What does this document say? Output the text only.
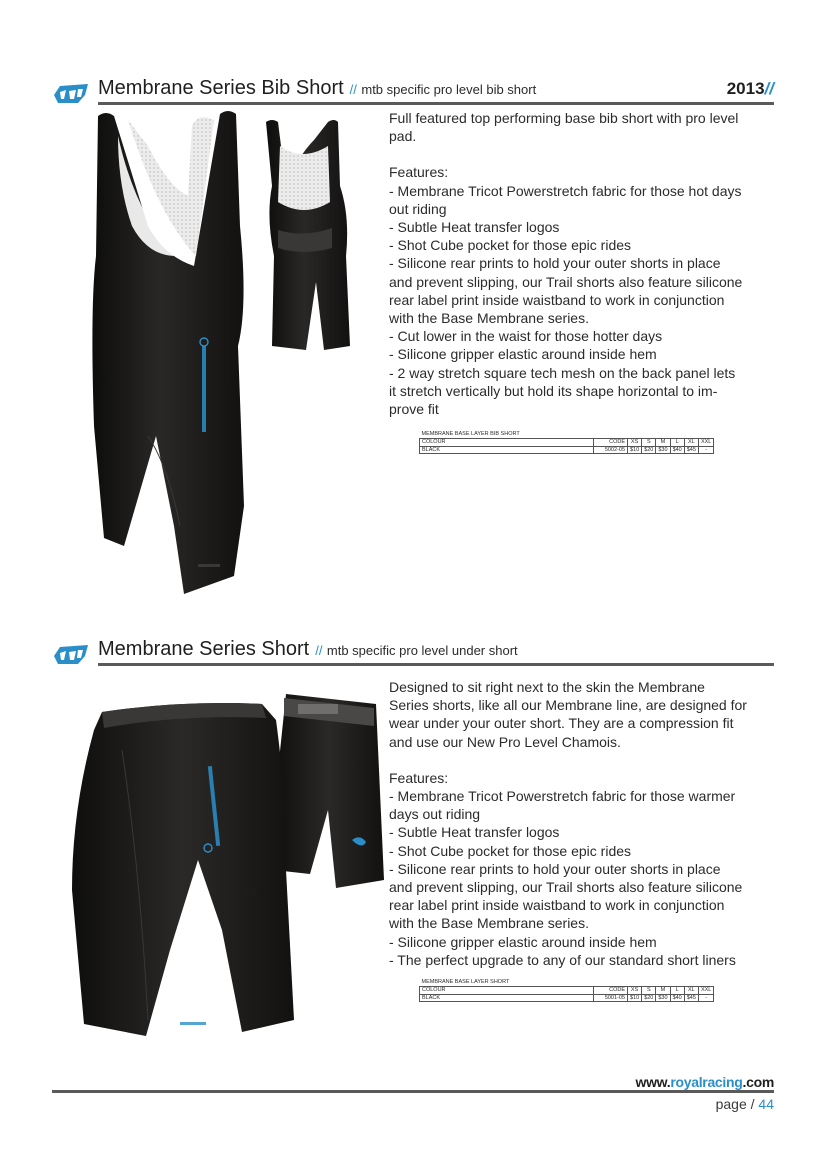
Membrane Series Bib Short // mtb specific pro level bib short	2013//

Full featured top performing base bib short with pro level

pad.

Features:

- Membrane Tricot Powerstretch fabric for those hot days

out riding

- Subtle Heat transfer logos

- Shot Cube pocket for those epic rides

- Silicone rear prints to hold your outer shorts in place

and prevent slipping, our Trail shorts also feature silicone

rear label print inside waistband to work in conjunction

with the Base Membrane series.

- Cut lower in the waist for those hotter days

- Silicone gripper elastic around inside hem

- 2 way stretch square tech mesh on the back panel lets

it stretch vertically but hold its shape horizontal to im-

prove fit

MEMBRANE BASE LAYER BIB SHORT							
COLOUR	CODE	XS	S	M	L	XL	XXL
BLACK	5002-05	$10	$20	$30	$40	$45	-
Membrane Series Short // mtb specific pro level under short

Designed to sit right next to the skin the Membrane

Series shorts, like all our Membrane line, are designed for

wear under your outer short. They are a compression fit

and use our New Pro Level Chamois.

Features:

- Membrane Tricot Powerstretch fabric for those warmer

days out riding

- Subtle Heat transfer logos

- Shot Cube pocket for those epic rides

- Silicone rear prints to hold your outer shorts in place

and prevent slipping, our Trail shorts also feature silicone

rear label print inside waistband to work in conjunction

with the Base Membrane series.

- Silicone gripper elastic around inside hem

- The perfect upgrade to any of our standard short liners

MEMBRANE BASE LAYER SHORT							
COLOUR	CODE	XS	S	M	L	XL	XXL
BLACK	5001-05	$10	$20	$30	$40	$45	-
www.royalracing.com
page / 44
